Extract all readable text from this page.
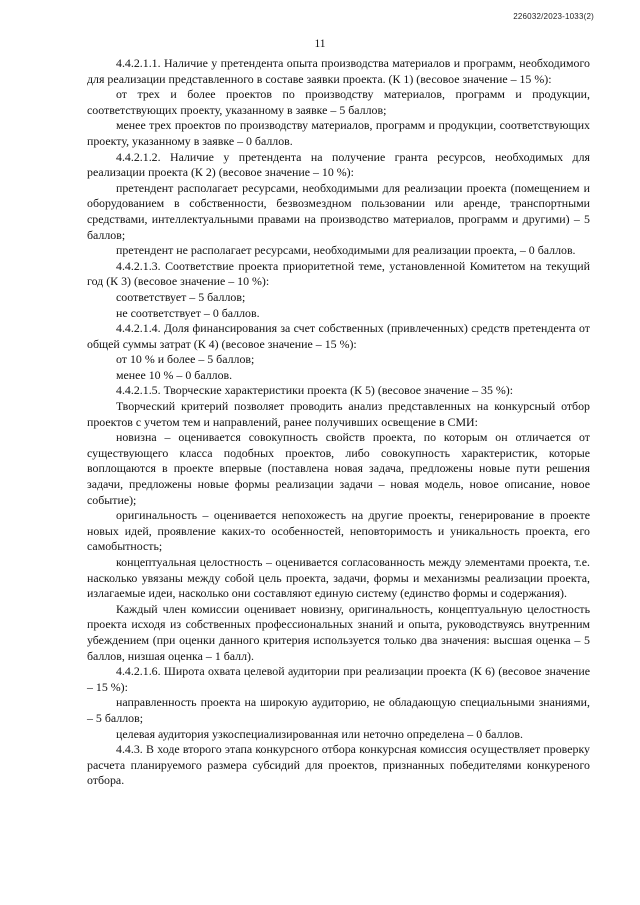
226032/2023-1033(2)
11

4.4.2.1.1. Наличие у претендента опыта производства материалов и программ, необходимого для реализации представленного в составе заявки проекта. (К 1) (весовое значение – 15 %):

от трех и более проектов по производству материалов, программ и продукции, соответствующих проекту, указанному в заявке – 5 баллов;

менее трех проектов по производству материалов, программ и продукции, соответствующих проекту, указанному в заявке – 0 баллов.

4.4.2.1.2. Наличие у претендента на получение гранта ресурсов, необходимых для реализации проекта (К 2) (весовое значение – 10 %):

претендент располагает ресурсами, необходимыми для реализации проекта (помещением и оборудованием в собственности, безвозмездном пользовании или аренде, транспортными средствами, интеллектуальными правами на производство материалов, программ и другими) – 5 баллов;

претендент не располагает ресурсами, необходимыми для реализации проекта, – 0 баллов.

4.4.2.1.3. Соответствие проекта приоритетной теме, установленной Комитетом на текущий год (К 3) (весовое значение – 10 %):

соответствует – 5 баллов;

не соответствует – 0 баллов.

4.4.2.1.4. Доля финансирования за счет собственных (привлеченных) средств претендента от общей суммы затрат (К 4) (весовое значение – 15 %):

от 10 % и более – 5 баллов;

менее 10 % – 0 баллов.

4.4.2.1.5. Творческие характеристики проекта (К 5) (весовое значение – 35 %):

Творческий критерий позволяет проводить анализ представленных на конкурсный отбор проектов с учетом тем и направлений, ранее получивших освещение в СМИ:

новизна – оценивается совокупность свойств проекта, по которым он отличается от существующего класса подобных проектов, либо совокупность характеристик, которые воплощаются в проекте впервые (поставлена новая задача, предложены новые пути решения задачи, предложены новые формы реализации задачи – новая модель, новое описание, новое событие);

оригинальность – оценивается непохожесть на другие проекты, генерирование в проекте новых идей, проявление каких-то особенностей, неповторимость и уникальность проекта, его самобытность;

концептуальная целостность – оценивается согласованность между элементами проекта, т.е. насколько увязаны между собой цель проекта, задачи, формы и механизмы реализации проекта, излагаемые идеи, насколько они составляют единую систему (единство формы и содержания).

Каждый член комиссии оценивает новизну, оригинальность, концептуальную целостность проекта исходя из собственных профессиональных знаний и опыта, руководствуясь внутренним убеждением (при оценки данного критерия используется только два значения: высшая оценка – 5 баллов, низшая оценка – 1 балл).

4.4.2.1.6. Широта охвата целевой аудитории при реализации проекта (К 6) (весовое значение – 15 %):

направленность проекта на широкую аудиторию, не обладающую специальными знаниями, – 5 баллов;

целевая аудитория узкоспециализированная или неточно определена – 0 баллов.

4.4.3. В ходе второго этапа конкурсного отбора конкурсная комиссия осуществляет проверку расчета планируемого размера субсидий для проектов, признанных победителями конкуреного отбора.
